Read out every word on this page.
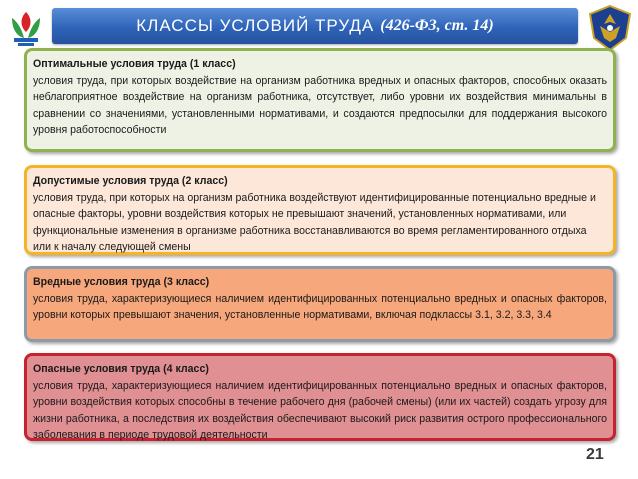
КЛАССЫ УСЛОВИЙ ТРУДА (426-ФЗ, ст. 14)
Оптимальные условия труда (1 класс)
условия труда, при которых воздействие на организм работника вредных и опасных факторов, способных оказать неблагоприятное воздействие на организм работника, отсутствует, либо уровни их воздействия минимальны в сравнении со значениями, установленными нормативами, и создаются предпосылки для поддержания высокого уровня работоспособности
Допустимые условия труда (2 класс)
условия труда, при которых на организм работника воздействуют идентифицированные потенциально вредные и опасные факторы, уровни воздействия которых не превышают значений, установленных нормативами, или функциональные изменения в организме работника восстанавливаются во время регламентированного отдыха или к началу следующей смены
Вредные условия труда (3 класс)
условия труда, характеризующиеся наличием идентифицированных потенциально вредных и опасных факторов, уровни которых превышают значения, установленные нормативами, включая подклассы 3.1, 3.2, 3.3, 3.4
Опасные условия труда (4 класс)
условия труда, характеризующиеся наличием идентифицированных потенциально вредных и опасных факторов, уровни воздействия которых способны в течение рабочего дня (рабочей смены) (или их частей) создать угрозу для жизни работника, а последствия их воздействия обеспечивают высокий риск развития острого профессионального заболевания в периоде трудовой деятельности
21
